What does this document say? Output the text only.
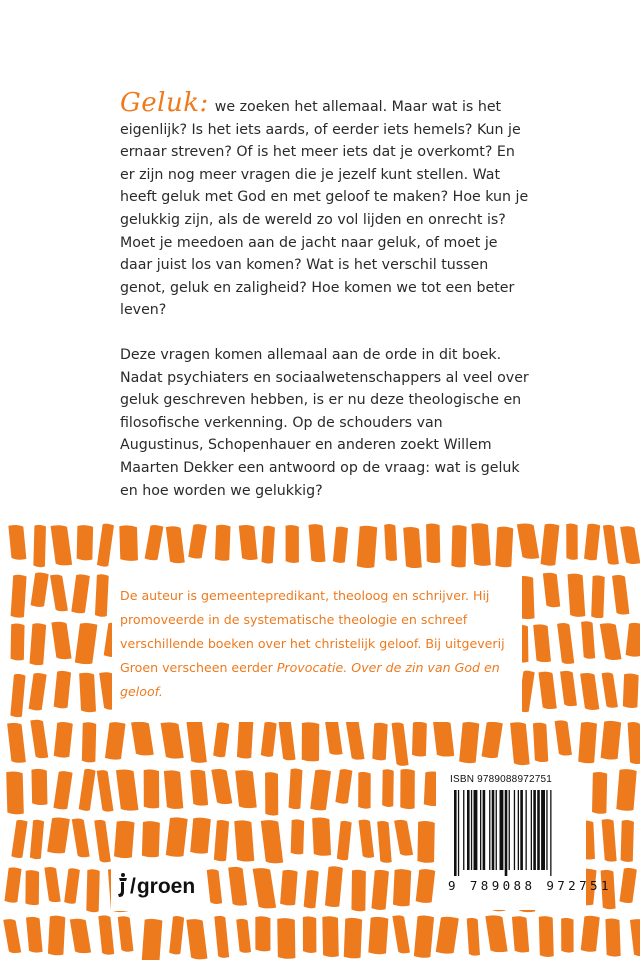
Geluk: we zoeken het allemaal. Maar wat is het eigenlijk? Is het iets aards, of eerder iets hemels? Kun je ernaar streven? Of is het meer iets dat je overkomt? En er zijn nog meer vragen die je jezelf kunt stellen. Wat heeft geluk met God en met geloof te maken? Hoe kun je gelukkig zijn, als de wereld zo vol lijden en onrecht is? Moet je meedoen aan de jacht naar geluk, of moet je daar juist los van komen? Wat is het verschil tussen genot, geluk en zaligheid? Hoe komen we tot een beter leven?

Deze vragen komen allemaal aan de orde in dit boek. Nadat psychiaters en sociaalwetenschappers al veel over geluk geschreven hebben, is er nu deze theologische en filosofische verkenning. Op de schouders van Augustinus, Schopenhauer en anderen zoekt Willem Maarten Dekker een antwoord op de vraag: wat is geluk en hoe worden we gelukkig?

De auteur is gemeentepredikant, theoloog en schrijver. Hij promoveerde in de systematische theologie en schreef verschillende boeken over het christelijk geloof. Bij uitgeverij Groen verscheen eerder Provocatie. Over de zin van God en geloof.
ISBN 9789088972751
9 789088 972751
/ groen
